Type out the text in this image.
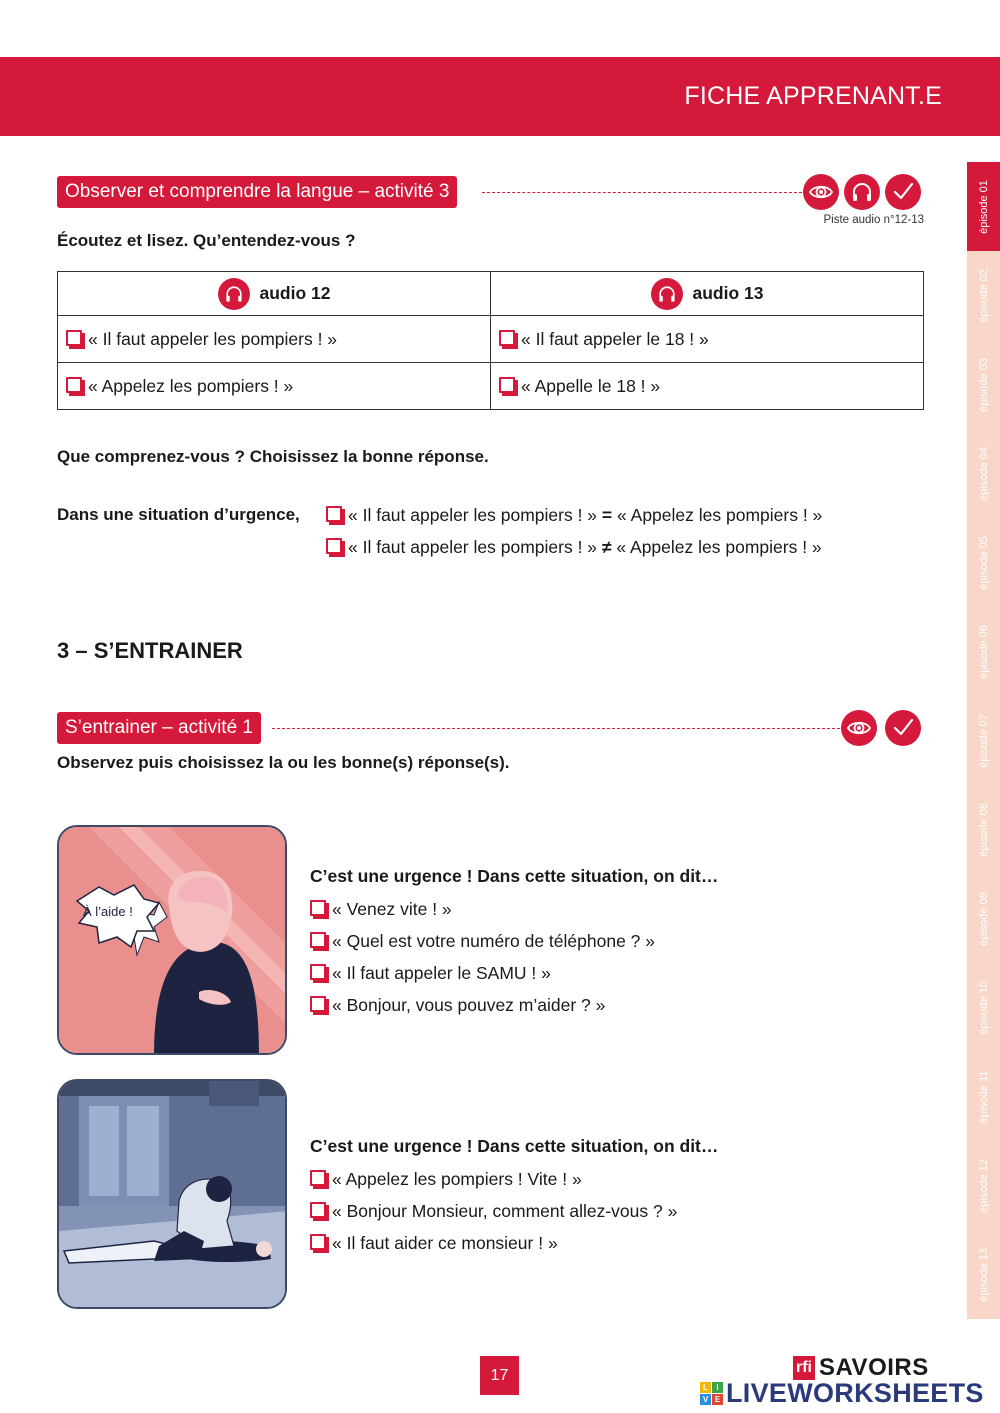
FICHE APPRENANT.E
épisode 01
épisode 02
épisode 03
épisode 04
épisode 05
épisode 06
épisode 07
épisode 08
épisode 09
épisode 10
épisode 11
épisode 12
épisode 13
Observer et comprendre la langue – activité 3
Piste audio n°12-13
Écoutez et lisez. Qu’entendez-vous ?
audio 12	audio 13

« Il faut appeler les pompiers ! »	« Il faut appeler le 18 ! »
« Appelez les pompiers ! »	« Appelle le 18 ! »
Que comprenez-vous ? Choisissez la bonne réponse.
Dans une situation d’urgence,	« Il faut appeler les pompiers ! » = « Appelez les pompiers ! »
« Il faut appeler les pompiers ! » ≠ « Appelez les pompiers ! »
3 – S’ENTRAINER
S’entrainer – activité 1
Observez puis choisissez la ou les bonne(s) réponse(s).
À l’aide !
C’est une urgence ! Dans cette situation, on dit…
« Venez vite ! »
« Quel est votre numéro de téléphone ? »
« Il faut appeler le SAMU ! »
« Bonjour, vous pouvez m’aider ? »
C’est une urgence ! Dans cette situation, on dit…
« Appelez les pompiers ! Vite ! »
« Bonjour Monsieur, comment allez-vous ? »
« Il faut aider ce monsieur ! »
17	rfi SAVOIRS
L	I
V E LIVEWORKSHEETS
